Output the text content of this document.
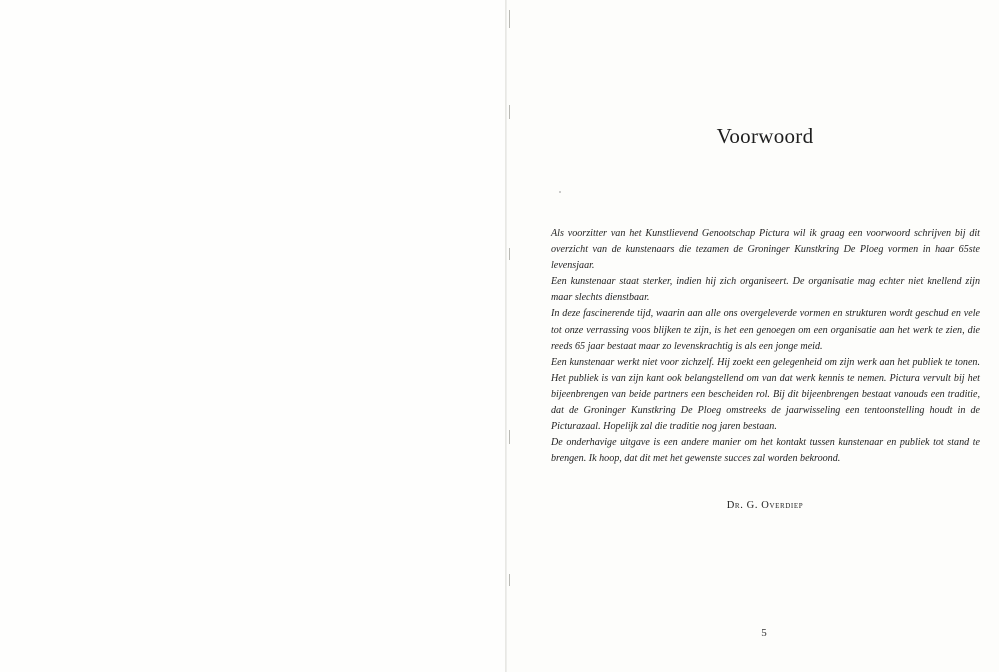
Voorwoord

Als voorzitter van het Kunstlievend Genootschap Pictura wil ik graag een voorwoord schrijven bij dit overzicht van de kunstenaars die tezamen de Groninger Kunstkring De Ploeg vormen in haar 65ste levensjaar.

Een kunstenaar staat sterker, indien hij zich organiseert. De organisatie mag echter niet knellend zijn maar slechts dienstbaar.

In deze fascinerende tijd, waarin aan alle ons overgeleverde vormen en strukturen wordt geschud en vele tot onze verrassing voos blijken te zijn, is het een genoegen om een organisatie aan het werk te zien, die reeds 65 jaar bestaat maar zo levenskrachtig is als een jonge meid.

Een kunstenaar werkt niet voor zichzelf. Hij zoekt een gelegenheid om zijn werk aan het publiek te tonen. Het publiek is van zijn kant ook belangstellend om van dat werk kennis te nemen. Pictura vervult bij het bijeenbrengen van beide partners een bescheiden rol. Bij dit bijeenbrengen bestaat vanouds een traditie, dat de Groninger Kunstkring De Ploeg omstreeks de jaarwisseling een tentoonstelling houdt in de Picturazaal. Hopelijk zal die traditie nog jaren bestaan.

De onderhavige uitgave is een andere manier om het kontakt tussen kunstenaar en publiek tot stand te brengen. Ik hoop, dat dit met het gewenste succes zal worden bekroond.

Dr. G. Overdiep
5
